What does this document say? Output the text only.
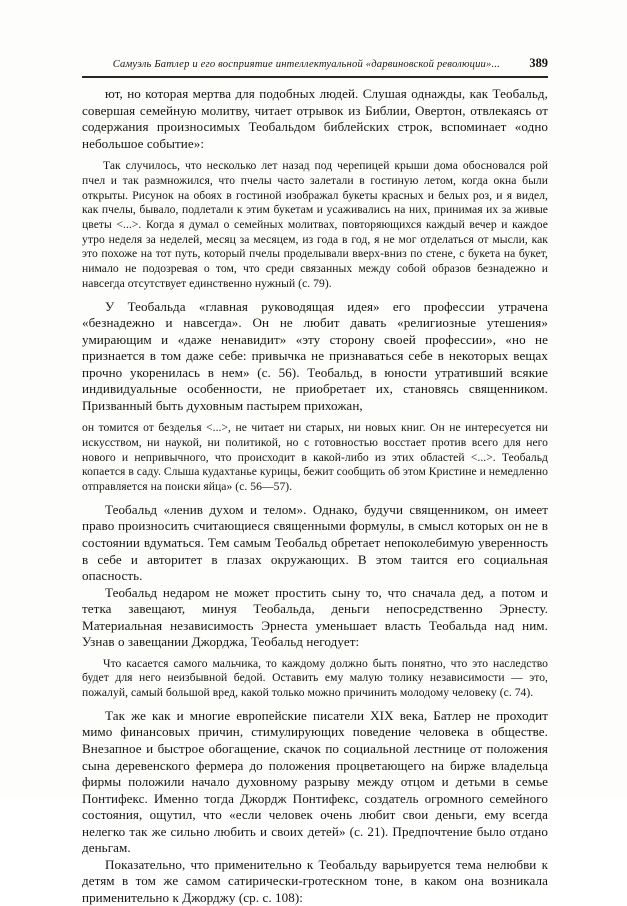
Самуэль Батлер и его восприятие интеллектуальной «дарвиновской революции»...	389

ют, но которая мертва для подобных людей. Слушая однажды, как Теобальд, совершая семейную молитву, читает отрывок из Библии, Овертон, отвлекаясь от содержания произносимых Теобальдом библейских строк, вспоминает «одно небольшое событие»:

Так случилось, что несколько лет назад под черепицей крыши дома обосновался рой пчел и так размножился, что пчелы часто залетали в гостиную летом, когда окна были открыты. Рисунок на обоях в гостиной изображал букеты красных и белых роз, и я видел, как пчелы, бывало, подлетали к этим букетам и усаживались на них, принимая их за живые цветы <...>. Когда я думал о семейных молитвах, повторяющихся каждый вечер и каждое утро неделя за неделей, месяц за месяцем, из года в год, я не мог отделаться от мысли, как это похоже на тот путь, который пчелы проделывали вверх-вниз по стене, с букета на букет, нимало не подозревая о том, что среди связанных между собой образов безнадежно и навсегда отсутствует единственно нужный (с. 79).

У Теобальда «главная руководящая идея» его профессии утрачена «безнадежно и навсегда». Он не любит давать «религиозные утешения» умирающим и «даже ненавидит» «эту сторону своей профессии», «но не признается в том даже себе: привычка не признаваться себе в некоторых вещах прочно укоренилась в нем» (с. 56). Теобальд, в юности утративший всякие индивидуальные особенности, не приобретает их, становясь священником. Призванный быть духовным пастырем прихожан,

он томится от безделья <...>, не читает ни старых, ни новых книг. Он не интересуется ни искусством, ни наукой, ни политикой, но с готовностью восстает против всего для него нового и непривычного, что происходит в какой-либо из этих областей <...>. Теобальд копается в саду. Слыша кудахтанье курицы, бежит сообщить об этом Кристине и немедленно отправляется на поиски яйца» (с. 56—57).

Теобальд «ленив духом и телом». Однако, будучи священником, он имеет право произносить считающиеся священными формулы, в смысл которых он не в состоянии вдуматься. Тем самым Теобальд обретает непоколебимую уверенность в себе и авторитет в глазах окружающих. В этом таится его социальная опасность.

Теобальд недаром не может простить сыну то, что сначала дед, а потом и тетка завещают, минуя Теобальда, деньги непосредственно Эрнесту. Материальная независимость Эрнеста уменьшает власть Теобальда над ним. Узнав о завещании Джорджа, Теобальд негодует:

Что касается самого мальчика, то каждому должно быть понятно, что это наследство будет для него неизбывной бедой. Оставить ему малую толику независимости — это, пожалуй, самый большой вред, какой только можно причинить молодому человеку (с. 74).

Так же как и многие европейские писатели XIX века, Батлер не проходит мимо финансовых причин, стимулирующих поведение человека в обществе. Внезапное и быстрое обогащение, скачок по социальной лестнице от положения сына деревенского фермера до положения процветающего на бирже владельца фирмы положили начало духовному разрыву между отцом и детьми в семье Понтифекс. Именно тогда Джордж Понтифекс, создатель огромного семейного состояния, ощутил, что «если человек очень любит свои деньги, ему всегда нелегко так же сильно любить и своих детей» (с. 21). Предпочтение было отдано деньгам.

Показательно, что применительно к Теобальду варьируется тема нелюбви к детям в том же самом сатирически-гротескном тоне, в каком она возникала применительно к Джорджу (ср. с. 108):
